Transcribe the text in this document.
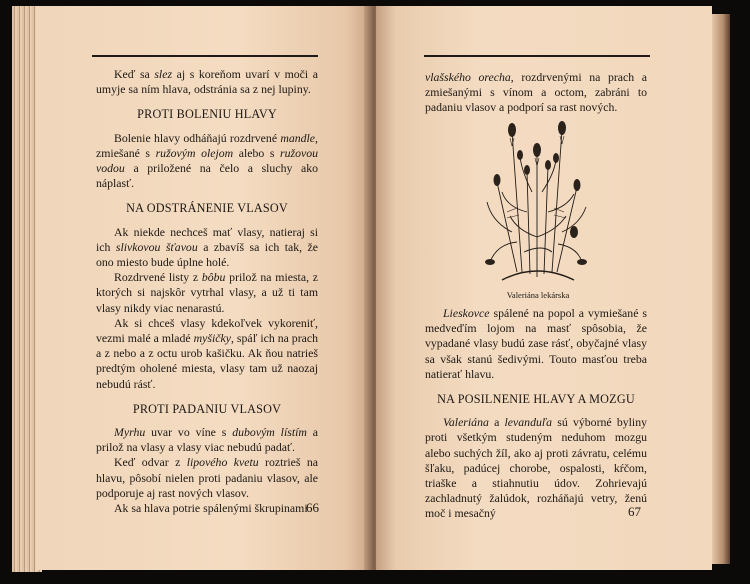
Keď sa slez aj s koreňom uvarí v moči a umyje sa ním hlava, odstránia sa z nej lupiny.

PROTI BOLENIU HLAVY

Bolenie hlavy odháňajú rozdrvené mandle, zmiešané s ružovým olejom alebo s ružovou vodou a priložené na čelo a sluchy ako náplasť.

NA ODSTRÁNENIE VLASOV

Ak niekde nechceš mať vlasy, natieraj si ich slivkovou šťavou a zbavíš sa ich tak, že ono miesto bude úplne holé.

Rozdrvené listy z bôbu prilož na miesta, z ktorých si najskôr vytrhal vlasy, a už ti tam vlasy nikdy viac nenarastú.

Ak si chceš vlasy kdekoľvek vykoreniť, vezmi malé a mladé myšičky, spáľ ich na prach a z nebo a z octu urob kašičku. Ak ňou natrieš predtým oholené miesta, vlasy tam už naozaj nebudú rásť.

PROTI PADANIU VLASOV

Myrhu uvar vo víne s dubovým lístím a prilož na vlasy a vlasy viac nebudú padať.

Keď odvar z lipového kvetu roztrieš na hlavu, pôsobí nielen proti padaniu vlasov, ale podporuje aj rast nových vlasov.

Ak sa hlava potrie spálenými škrupinami

66

vlašského orecha, rozdrvenými na prach a zmiešanými s vínom a octom, zabráni to padaniu vlasov a podporí sa rast nových.

Valeriána lekárska

Lieskovce spálené na popol a vymiešané s medveďím lojom na masť spôsobia, že vypadané vlasy budú zase rásť, obyčajné vlasy sa však stanú šedivými. Touto masťou treba natierať hlavu.

NA POSILNENIE HLAVY A MOZGU

Valeriána a levanduľa sú výborné byliny proti všetkým studeným neduhom mozgu alebo suchých žíl, ako aj proti závratu, celému šľaku, padúcej chorobe, ospalosti, kŕčom, triaške a stiahnutiu údov. Zohrievajú zachladnutý žalúdok, rozháňajú vetry, ženú moč i mesačný	67
